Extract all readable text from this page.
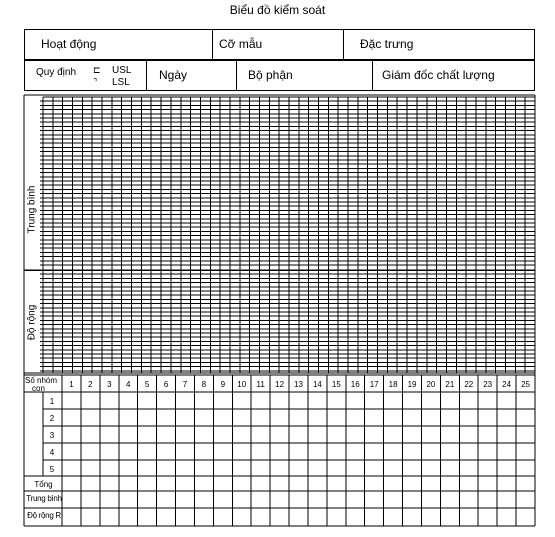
Biểu đồ kiểm soát
Hoạt động	Cỡ mẫu	Đặc trưng
Quy định ⊏
⌝
USL
LSL
Ngày	Bộ phận	Giám đốc chất lượng
1 2 3 4 5 6 7 8 9 10 11 12 13 14 15 16 17 18 19 20 21 22 23 24 25
1
2
3
4
5
Trung bình
Độ rộng
Số nhóm
con
Tổng
Trung bình
Độ rộng R
